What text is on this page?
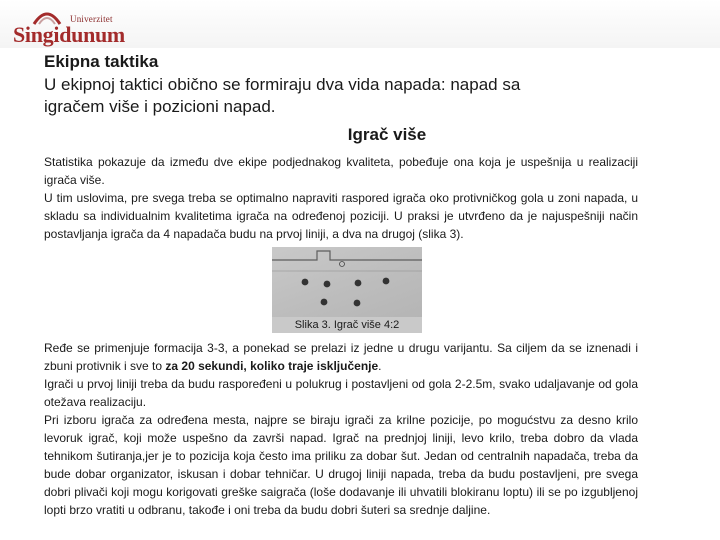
Univerzitet
Singidunum
Ekipna taktika

U ekipnoj taktici obično se formiraju dva vida napada: napad sa
igračem više i pozicioni napad.

Igrač više

Statistika pokazuje da između dve ekipe podjednakog kvaliteta, pobeđuje ona koja je uspešnija u realizaciji igrača više.

U tim uslovima, pre svega treba se optimalno napraviti raspored igrača oko protivničkog gola u zoni napada, u skladu sa individualnim kvalitetima igrača na određenoj poziciji. U praksi je utvrđeno da je najuspešniji način postavljanja igrača da 4 napadača budu na prvoj liniji, a dva na drugoj (slika 3).

Slika 3. Igrač više 4:2

Ređe se primenjuje formacija 3-3, a ponekad se prelazi iz jedne u drugu varijantu. Sa ciljem da se iznenadi i zbuni protivnik i sve to za 20 sekundi, koliko traje isključenje.

Igrači u prvoj liniji treba da budu raspoređeni u polukrug i postavljeni od gola 2-2.5m, svako udaljavanje od gola otežava realizaciju.

Pri izboru igrača za određena mesta, najpre se biraju igrači za krilne pozicije, po mogućstvu za desno krilo levoruk igrač, koji može uspešno da završi napad. Igrač na prednjoj liniji, levo krilo, treba dobro da vlada tehnikom šutiranja,jer je to pozicija koja često ima priliku za dobar šut. Jedan od centralnih napadača, treba da bude dobar organizator, iskusan i dobar tehničar. U drugoj liniji napada, treba da budu postavljeni, pre svega dobri plivači koji mogu korigovati greške saigrača (loše dodavanje ili uhvatili blokiranu loptu) ili se po izgubljenoj lopti brzo vratiti u odbranu, takođe i oni treba da budu dobri šuteri sa srednje daljine.
